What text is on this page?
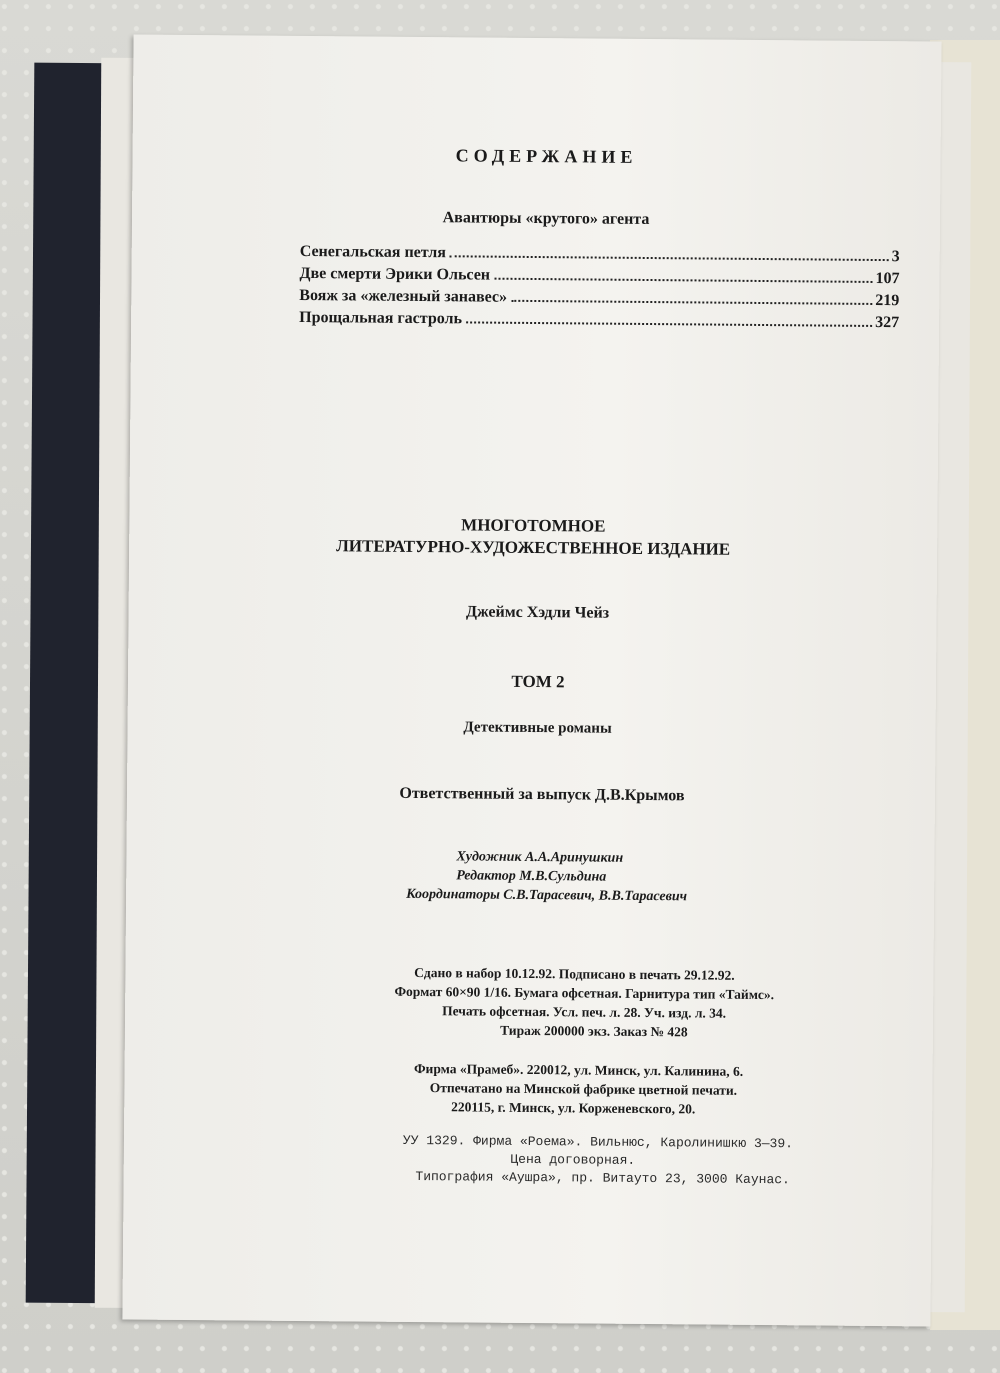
СОДЕРЖАНИЕ
Авантюры «крутого» агента
Сенегальская петля	3
Две смерти Эрики Ольсен	107
Вояж за «железный занавес»	219
Прощальная гастроль	327
МНОГОТОМНОЕ
ЛИТЕРАТУРНО-ХУДОЖЕСТВЕННОЕ ИЗДАНИЕ
Джеймс Хэдли Чейз
ТОМ 2
Детективные романы
Ответственный за выпуск Д.В.Крымов
Художник А.А.Аринушкин
Редактор М.В.Сульдина
Координаторы С.В.Тарасевич, В.В.Тарасевич
Сдано в набор 10.12.92. Подписано в печать 29.12.92.
Формат 60×90 1/16. Бумага офсетная. Гарнитура тип «Таймс».
Печать офсетная. Усл. печ. л. 28. Уч. изд. л. 34.
Тираж 200000 экз. Заказ № 428
Фирма «Прамеб». 220012, ул. Минск, ул. Калинина, 6.
Отпечатано на Минской фабрике цветной печати.
220115, г. Минск, ул. Корженевского, 20.
УУ 1329. Фирма «Роема». Вильнюс, Каролинишкю 3—39.
Цена договорная.
Типография «Аушра», пр. Витауто 23, 3000 Каунас.
